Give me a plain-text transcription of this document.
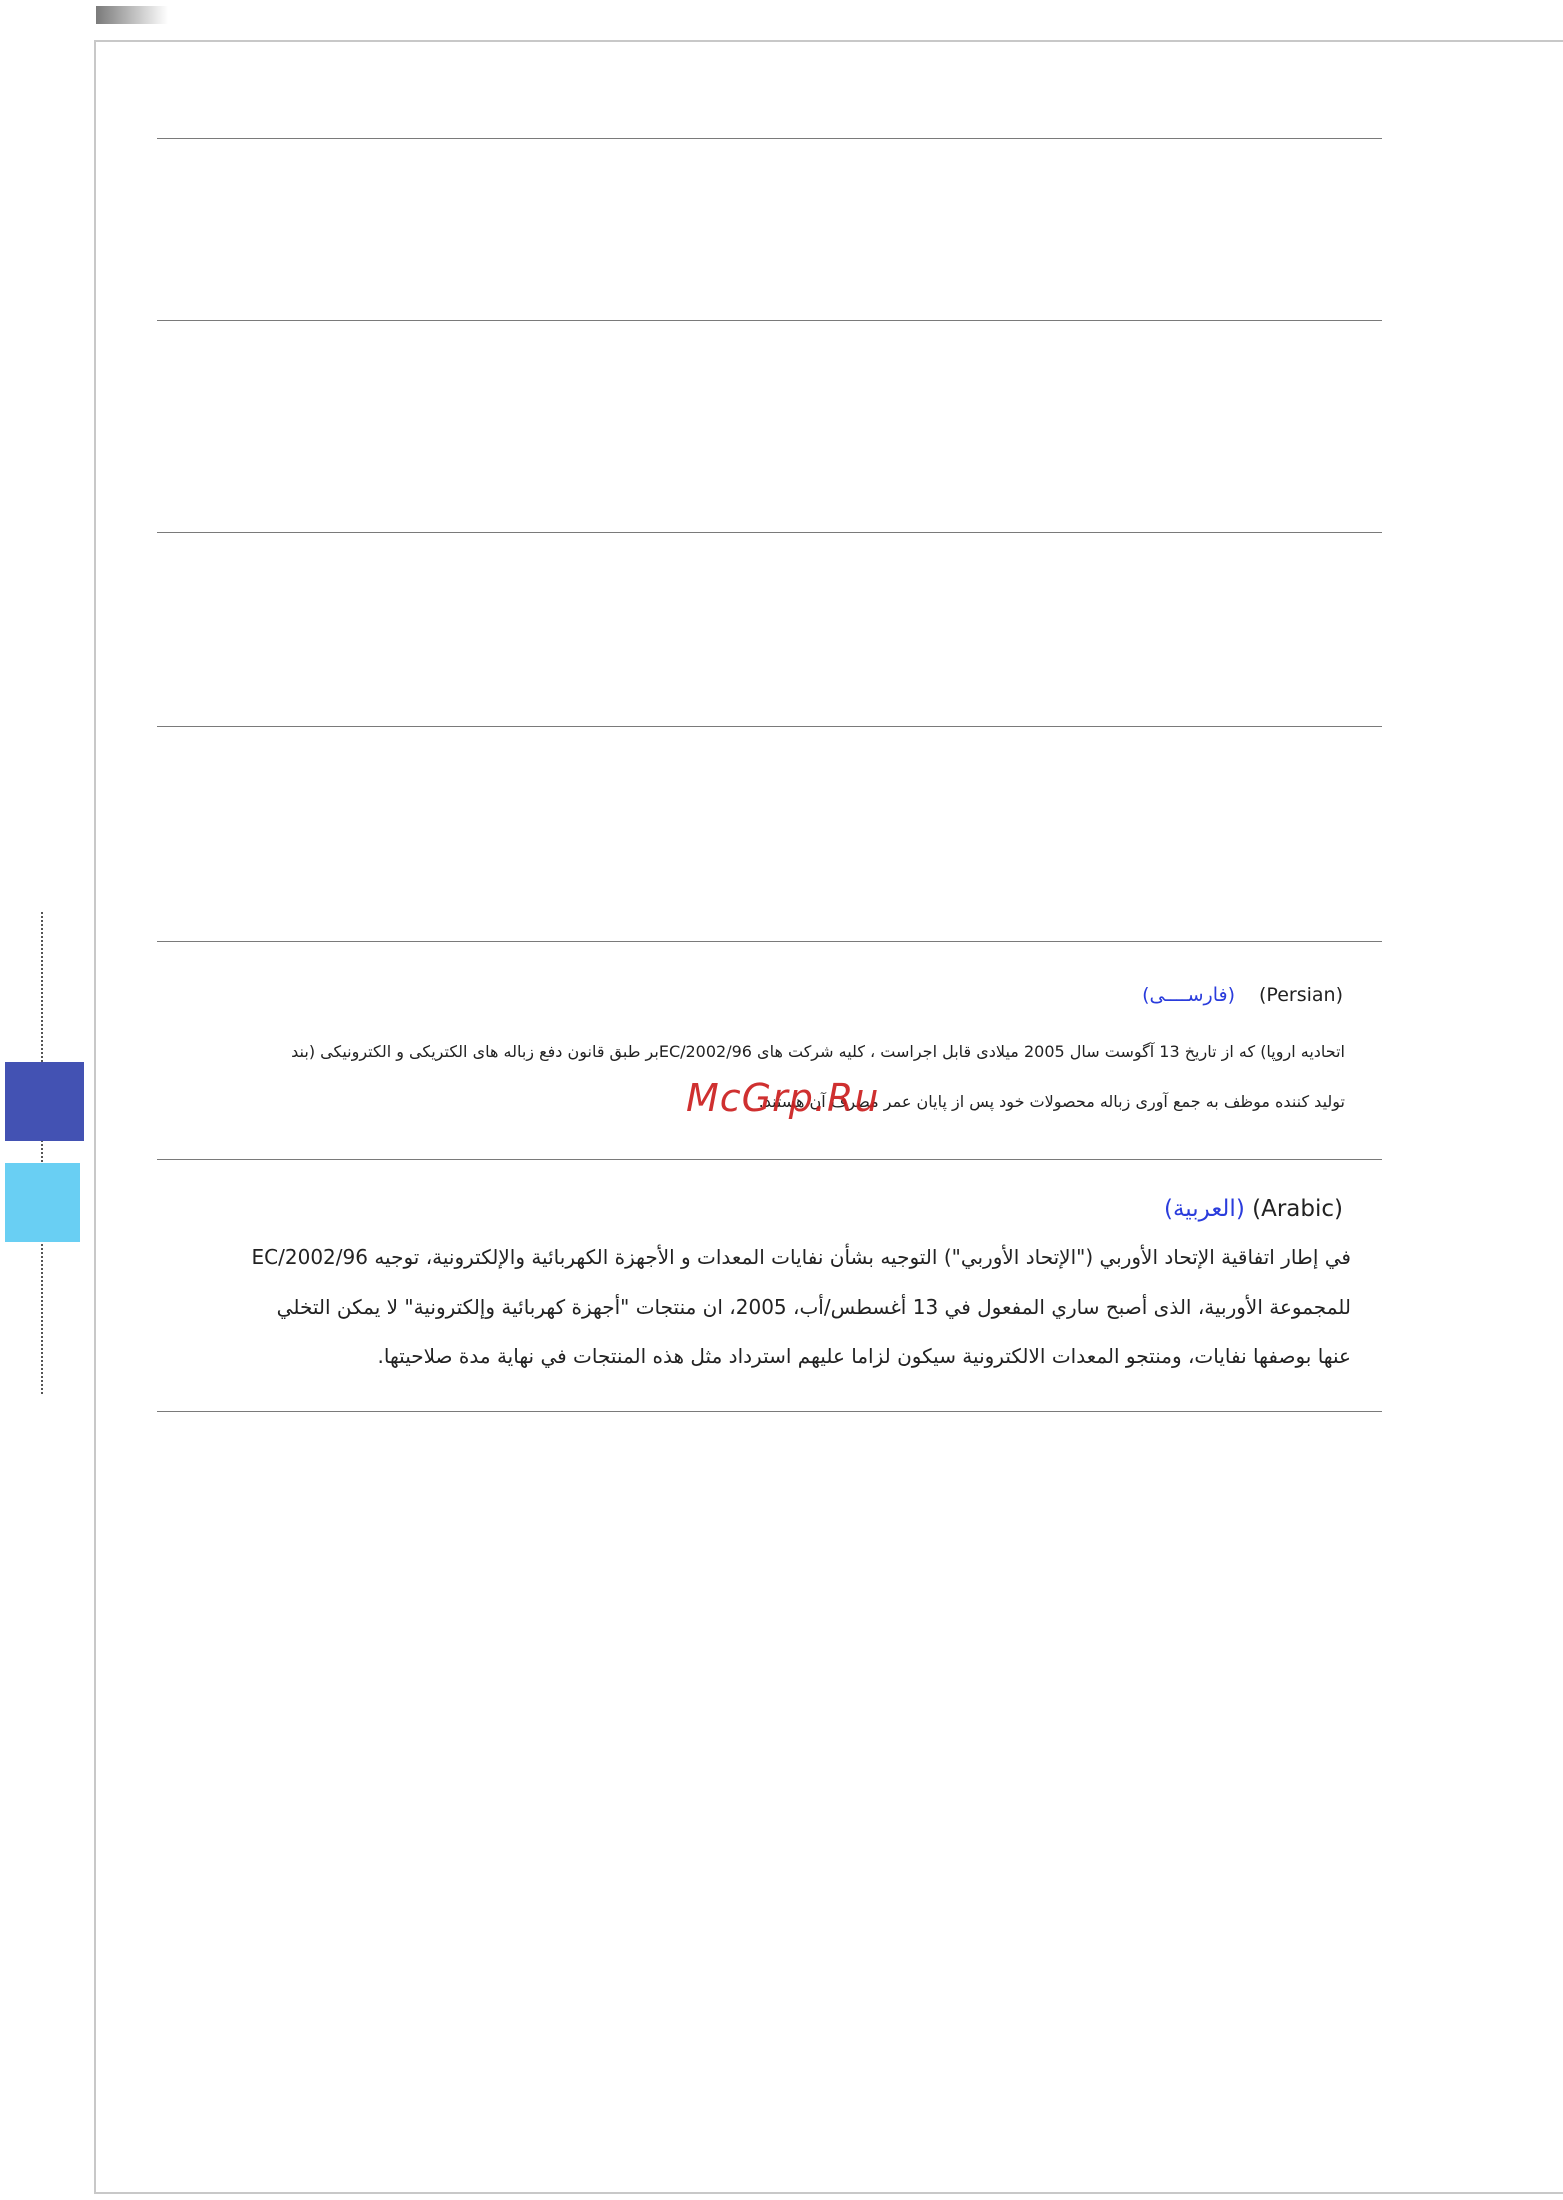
(فارســــی) (Persian)
اتحادیه اروپا) که از تاریخ 13 آگوست سال 2005 میلادی قابل اجراست ، کلیه شرکت های 2002/96/ECبر طبق قانون دفع زباله های الکتریکی و الکترونیکی (بند
تولید کننده موظف به جمع آوری زباله محصولات خود پس از پایان عمر مصرف آن هستند.
(العربية) (Arabic)
في إطار اتفاقية الإتحاد الأوربي ("الإتحاد الأوربي") التوجيه بشأن نفايات المعدات و الأجهزة الكهربائية والإلكترونية، توجيه 2002/96/EC
للمجموعة الأوربية، الذى أصبح ساري المفعول في 13 أغسطس/أب، 2005، ان منتجات "أجهزة كهربائية وإلكترونية" لا يمكن التخلي
عنها بوصفها نفايات، ومنتجو المعدات الالكترونية سيكون لزاما عليهم استرداد مثل هذه المنتجات في نهاية مدة صلاحيتها.
McGrp.Ru
